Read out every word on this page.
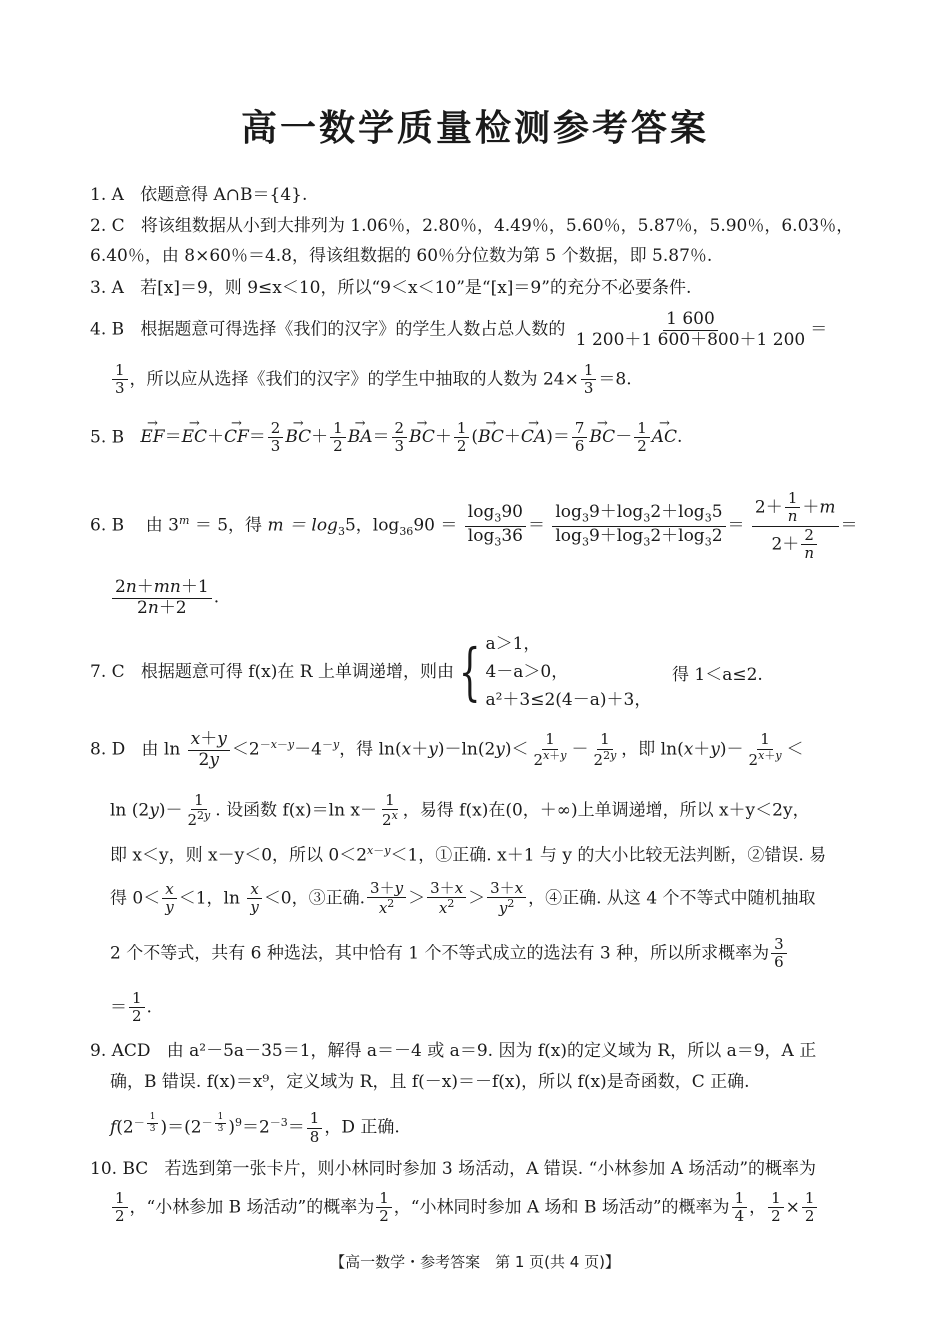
高一数学质量检测参考答案
1. A 依题意得 A∩B＝{4}.
2. C 将该组数据从小到大排列为 1.06％，2.80％，4.49％，5.60％，5.87％，5.90％，6.03％，
6.40％，由 8×60％＝4.8，得该组数据的 60％分位数为第 5 个数据，即 5.87％.
3. A 若[x]＝9，则 9≤x＜10，所以“9＜x＜10”是“[x]＝9”的充分不必要条件.
4. B 根据题意可得选择《我们的汉字》的学生人数占总人数的 $\frac{1 600}{1 200+1 600+800+1 200}$ ＝
$\frac{1}{3}$ ，所以应从选择《我们的汉字》的学生中抽取的人数为 $24\times \frac{1}{3} =8$.
5. $B \to EF=\to EC+\to CF= \frac{2}{3}$
→ $BC+ \frac{1}{2}$
→ $BA= \frac{2}{3}$
→ $BC+ \frac{1}{2}$ (→ $BC+\to CA)= \frac{7}{6}$
→ $BC- \frac{1}{2}$
→ AC.
6. B 由 $3^m = 5$，得 $m = \log_35$，$\log_{36}90 = \frac{\log_390}{\log_336} = \frac{\log_39+\log_32+\log_35}{\log_39+\log_32+\log_32} = \frac{2+ \frac{1}{n} +m}{2+ \frac{2}{n}}$ ＝
$\frac{2n+mn+1}{2n+2}$ .
7. C 根据题意可得 f(x)在 R 上单调递增，则由{ a＞1，
4－a＞0，
a²＋3≤2(4－a)＋3，
得 1＜a≤2.
8. D   由 $\ln \frac{x+y}{2y} <2^{-x-y}-4^{-y}$，得 $\ln(x+y)-\ln(2y)< \frac{1}{2^{x+y}} - \frac{1}{2^{2y}}$ ，即 $\ln(x+y)- \frac{1}{2^{x+y}}$ ＜
$\ln (2y)- \frac{1}{2^{2y}}$ . 设函数 f(x)＝ln $x- \frac{1}{2^x}$ ，易得 f(x)在(0，＋∞)上单调递增，所以 x＋y＜2y，
即 x＜y，则 x－y＜0，所以 $0<2^{x-y}<1$，①正确. x＋1 与 y 的大小比较无法判断，②错误. 易
得 $0< \frac{x}{y} <1$，$\ln \frac{x}{y} <0$，③正确. $\frac{3+y}{x^2} > \frac{3+x}{x^2} > \frac{3+x}{y^2}$ ，④正确. 从这 4 个不等式中随机抽取
2 个不等式，共有 6 种选法，其中恰有 1 个不等式成立的选法有 3 种，所以所求概率为 $\frac{3}{6}$
＝ $\frac{1}{2}$ .
9. ACD 由 a²－5a－35＝1，解得 a＝－4 或 a＝9. 因为 f(x)的定义域为 R，所以 a＝9，A 正
确，B 错误. f(x)＝x⁹，定义域为 R，且 f(－x)＝－f(x)，所以 f(x)是奇函数，C 正确.
$f(2^{- \frac{1}{3}}$ )$=(2^{- \frac{1}{3}}$ )$^9=2^{-3}= \frac{1}{8}$ ，D 正确.
10. BC 若选到第一张卡片，则小林同时参加 3 场活动，A 错误. “小林参加 A 场活动”的概率为
$\frac{1}{2}$ ，“小林参加 B 场活动”的概率为 $\frac{1}{2}$ ，“小林同时参加 A 场和 B 场活动”的概率为 $\frac{1}{4}$ ， $\frac{1}{2} \times \frac{1}{2}$
【高一数学・参考答案　第 1 页(共 4 页)】
